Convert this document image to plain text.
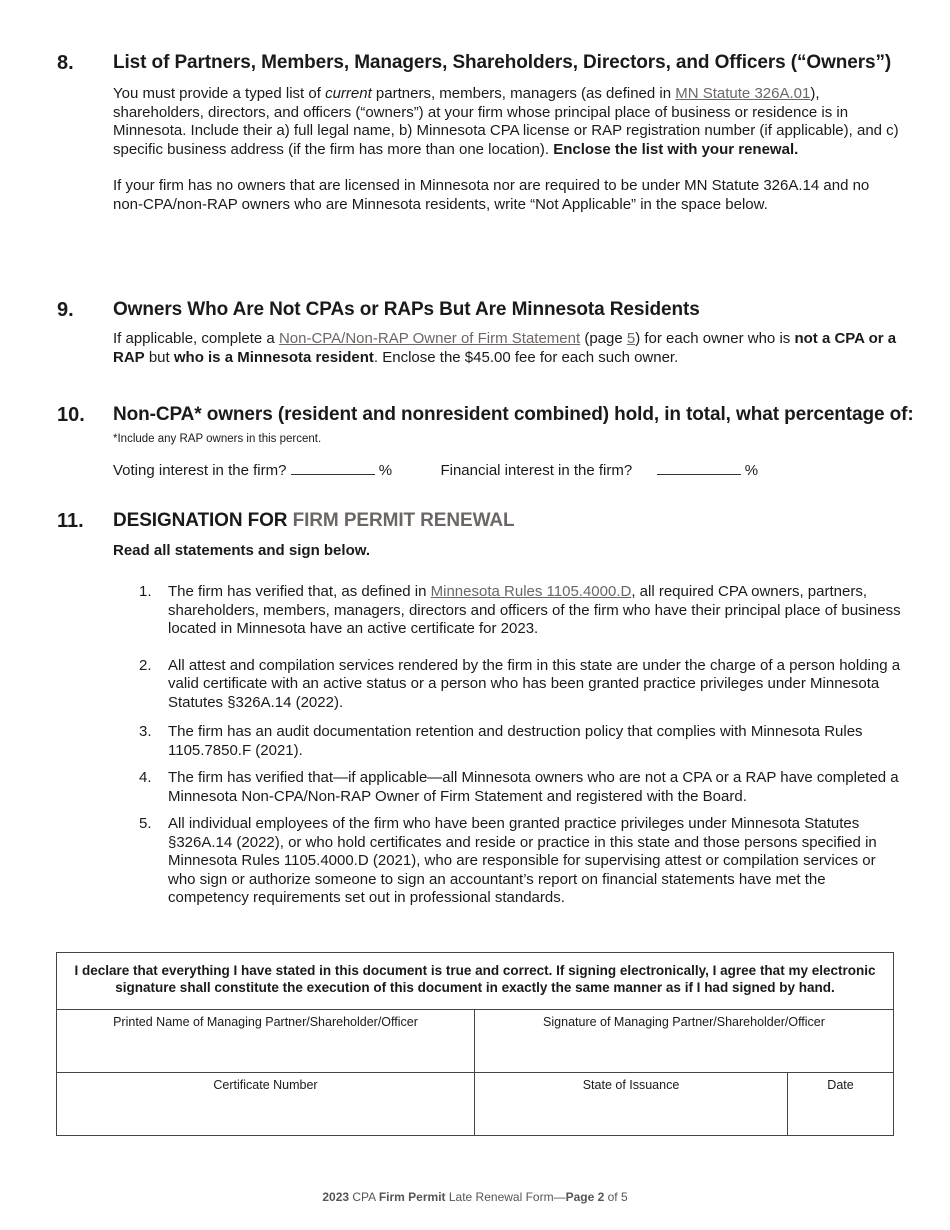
8. List of Partners, Members, Managers, Shareholders, Directors, and Officers (“Owners”)

You must provide a typed list of current partners, members, managers (as defined in MN Statute 326A.01), shareholders, directors, and officers (“owners”) at your firm whose principal place of business or residence is in Minnesota. Include their a) full legal name, b) Minnesota CPA license or RAP registration number (if applicable), and c) specific business address (if the firm has more than one location). Enclose the list with your renewal.

If your firm has no owners that are licensed in Minnesota nor are required to be under MN Statute 326A.14 and no non-CPA/non-RAP owners who are Minnesota residents, write “Not Applicable” in the space below.

9. Owners Who Are Not CPAs or RAPs But Are Minnesota Residents

If applicable, complete a Non-CPA/Non-RAP Owner of Firm Statement (page 5) for each owner who is not a CPA or a RAP but who is a Minnesota resident. Enclose the $45.00 fee for each such owner.

10. Non-CPA* owners (resident and nonresident combined) hold, in total, what percentage of:
*Include any RAP owners in this percent.
Voting interest in the firm?	%	Financial interest in the firm?	%
11. DESIGNATION FOR FIRM PERMIT RENEWAL
Read all statements and sign below.
1. The firm has verified that, as defined in Minnesota Rules 1105.4000.D, all required CPA owners, partners, shareholders, members, managers, directors and officers of the firm who have their principal place of business located in Minnesota have an active certificate for 2023.
2. All attest and compilation services rendered by the firm in this state are under the charge of a person holding a valid certificate with an active status or a person who has been granted practice privileges under Minnesota Statutes §326A.14 (2022).
3. The firm has an audit documentation retention and destruction policy that complies with Minnesota Rules 1105.7850.F (2021).
4. The firm has verified that—if applicable—all Minnesota owners who are not a CPA or a RAP have completed a Minnesota Non-CPA/Non-RAP Owner of Firm Statement and registered with the Board.
5. All individual employees of the firm who have been granted practice privileges under Minnesota Statutes §326A.14 (2022), or who hold certificates and reside or practice in this state and those persons specified in Minnesota Rules 1105.4000.D (2021), who are responsible for supervising attest or compilation services or who sign or authorize someone to sign an accountant’s report on financial statements have met the competency requirements set out in professional standards.
I declare that everything I have stated in this document is true and correct. If signing electronically, I agree that my electronic signature shall constitute the execution of this document in exactly the same manner as if I had signed by hand.		
Printed Name of Managing Partner/Shareholder/Officer	Signature of Managing Partner/Shareholder/Officer	
Certificate Number	State of Issuance	Date
2023 CPA Firm Permit Late Renewal Form—Page 2 of 5
